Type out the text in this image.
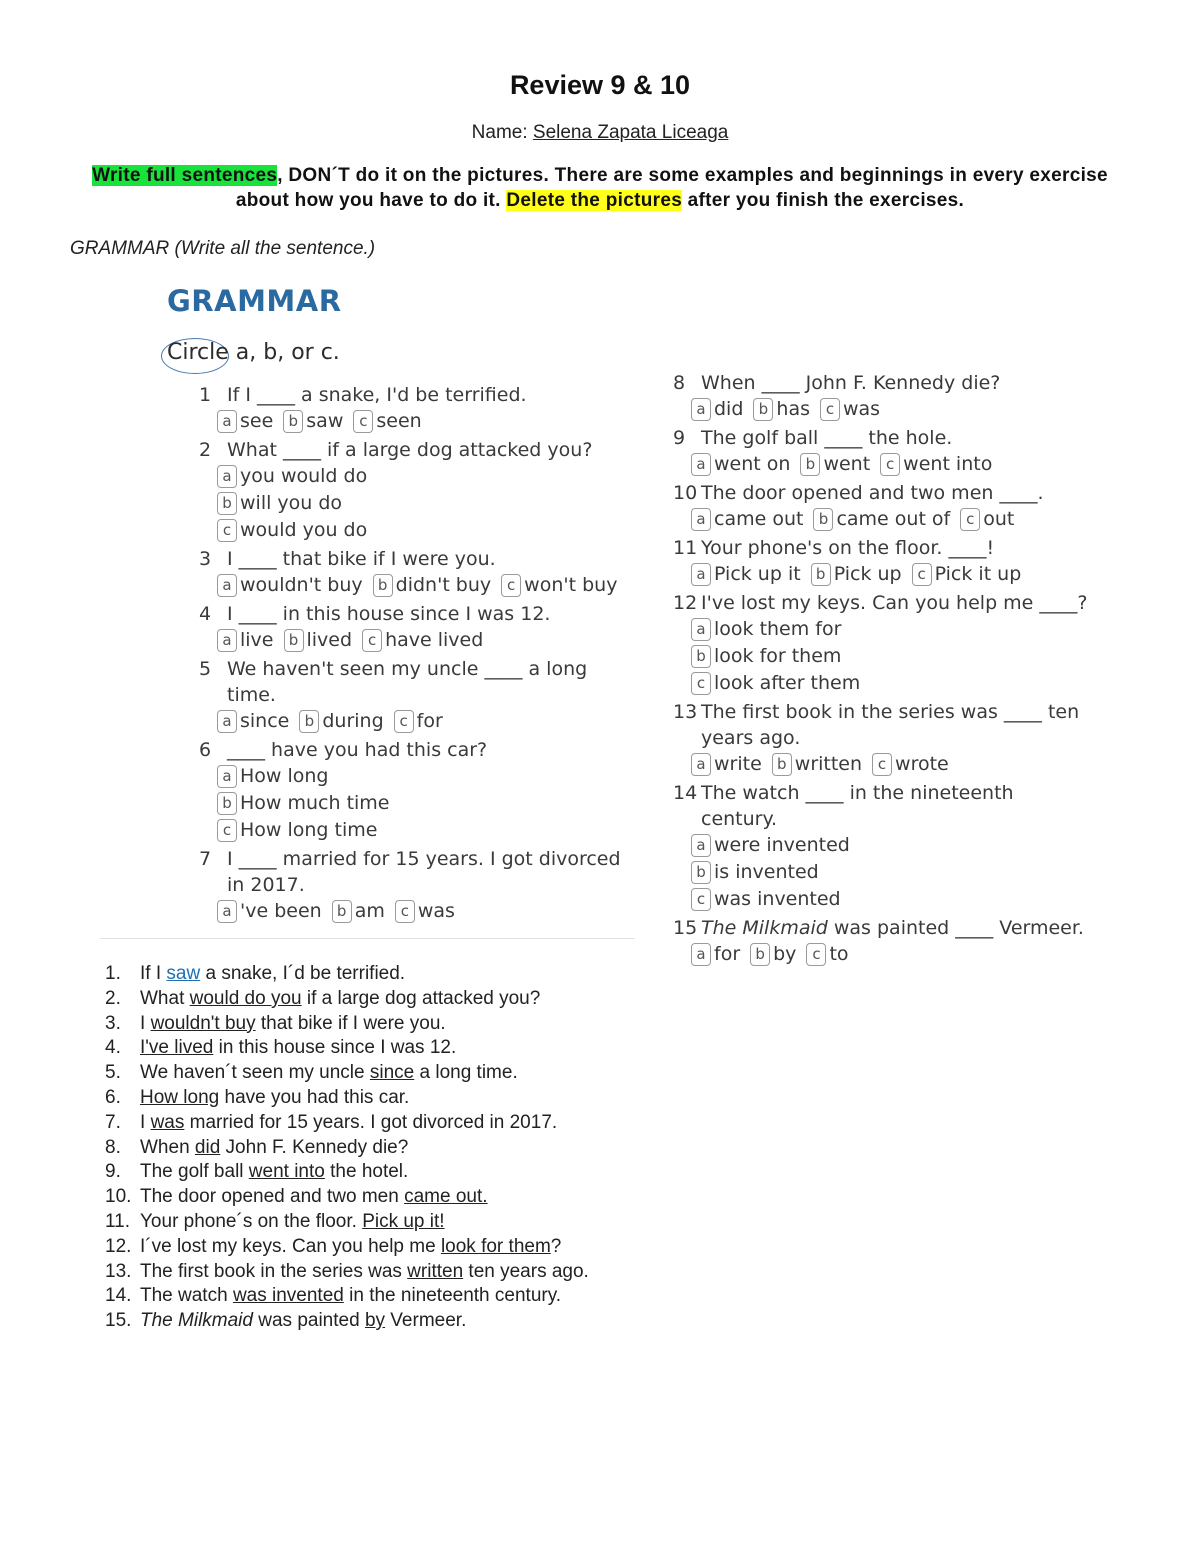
Review 9 & 10
Name: Selena Zapata Liceaga
Write full sentences, DON´T do it on the pictures. There are some examples and beginnings in every exercise about how you have to do it. Delete the pictures after you finish the exercises.
GRAMMAR (Write all the sentence.)
GRAMMAR
Circle a, b, or c.
1 If I ____ a snake, I'd be terrified.
a see	b saw	c seen
2 What ____ if a large dog attacked you?
a you would do
b will you do
c would you do
3 I ____ that bike if I were you.
a wouldn't buy	b didn't buy	c won't buy
4 I ____ in this house since I was 12.
a live	b lived	c have lived
5 We haven't seen my uncle ____ a long time.
a since	b during	c for
6 ____ have you had this car?
a How long
b How much time
c How long time
7 I ____ married for 15 years. I got divorced in 2017.
a 've been	b am	c was
8 When ____ John F. Kennedy die?
a did	b has	c was
9 The golf ball ____ the hole.
a went on	b went	c went into
10 The door opened and two men ____.
a came out	b came out of	c out
11 Your phone's on the floor. ____!
a Pick up it	b Pick up	c Pick it up
12 I've lost my keys. Can you help me ____?
a look them for
b look for them
c look after them
13 The first book in the series was ____ ten years ago.
a write	b written	c wrote
14 The watch ____ in the nineteenth century.
a were invented
b is invented
c was invented
15 The Milkmaid was painted ____ Vermeer.
a for	b by	c to
1. If I saw a snake, I´d be terrified.
2. What would do you if a large dog attacked you?
3. I wouldn't buy that bike if I were you.
4. I've lived in this house since I was 12.
5. We haven´t seen my uncle since a long time.
6. How long have you had this car.
7. I was married for 15 years. I got divorced in 2017.
8. When did John F. Kennedy die?
9. The golf ball went into the hotel.
10. The door opened and two men came out.
11. Your phone´s on the floor. Pick up it!
12. I´ve lost my keys. Can you help me look for them?
13. The first book in the series was written ten years ago.
14. The watch was invented in the nineteenth century.
15. The Milkmaid was painted by Vermeer.
